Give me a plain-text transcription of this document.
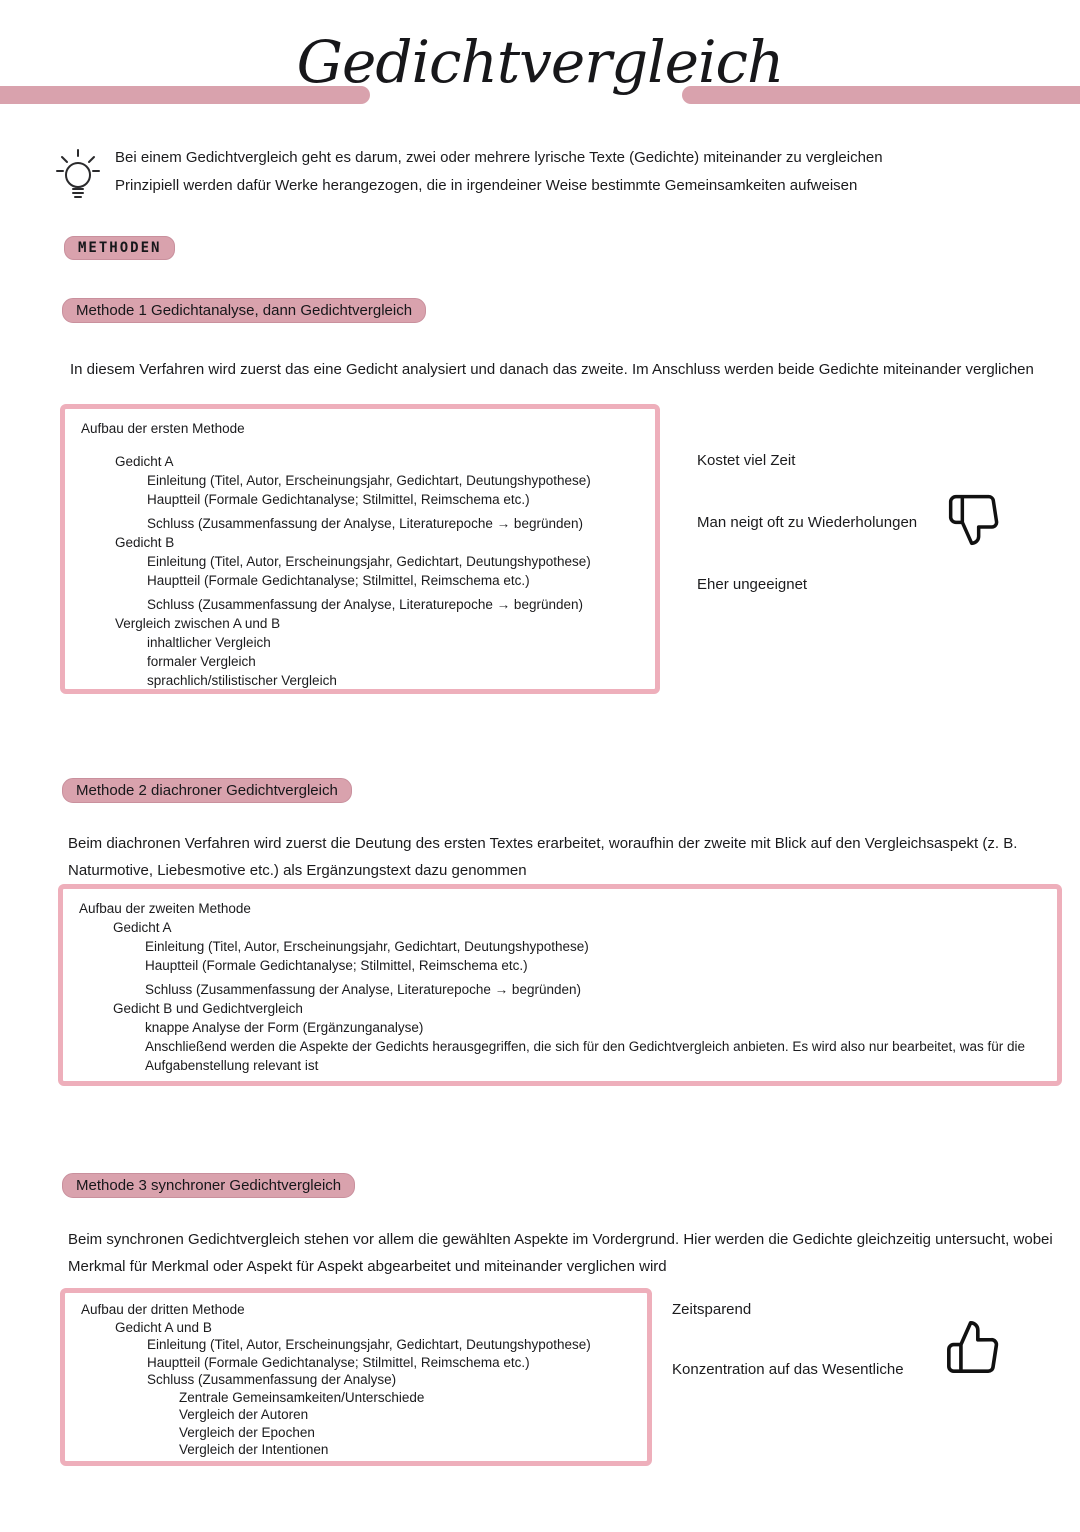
Gedichtvergleich

Bei einem Gedichtvergleich geht es darum, zwei oder mehrere lyrische Texte (Gedichte) miteinander zu vergleichen

Prinzipiell werden dafür Werke herangezogen, die in irgendeiner Weise bestimmte Gemeinsamkeiten aufweisen

METHODEN
Methode 1 Gedichtanalyse, dann Gedichtvergleich

In diesem Verfahren wird zuerst das eine Gedicht analysiert und danach das zweite. Im Anschluss werden beide Gedichte miteinander verglichen

Aufbau der ersten Methode
Gedicht A
Einleitung (Titel, Autor, Erscheinungsjahr, Gedichtart, Deutungshypothese)
Hauptteil (Formale Gedichtanalyse; Stilmittel, Reimschema etc.)
Schluss (Zusammenfassung der Analyse, Literaturepoche → begründen)
Gedicht B
Einleitung (Titel, Autor, Erscheinungsjahr, Gedichtart, Deutungshypothese)
Hauptteil (Formale Gedichtanalyse; Stilmittel, Reimschema etc.)
Schluss (Zusammenfassung der Analyse, Literaturepoche → begründen)
Vergleich zwischen A und B
inhaltlicher Vergleich
formaler Vergleich
sprachlich/stilistischer Vergleich
Kostet viel Zeit
Man neigt oft zu Wiederholungen
Eher ungeeignet
Methode 2 diachroner Gedichtvergleich

Beim diachronen Verfahren wird zuerst die Deutung des ersten Textes erarbeitet, woraufhin der zweite mit Blick auf den Vergleichsaspekt (z. B. Naturmotive, Liebesmotive etc.) als Ergänzungstext dazu genommen

Aufbau der zweiten Methode
Gedicht A
Einleitung (Titel, Autor, Erscheinungsjahr, Gedichtart, Deutungshypothese)
Hauptteil (Formale Gedichtanalyse; Stilmittel, Reimschema etc.)
Schluss (Zusammenfassung der Analyse, Literaturepoche → begründen)
Gedicht B und Gedichtvergleich
knappe Analyse der Form (Ergänzunganalyse)
Anschließend werden die Aspekte der Gedichts herausgegriffen, die sich für den Gedichtvergleich anbieten. Es wird also nur bearbeitet, was für die Aufgabenstellung relevant ist
Methode 3 synchroner Gedichtvergleich

Beim synchronen Gedichtvergleich stehen vor allem die gewählten Aspekte im Vordergrund. Hier werden die Gedichte gleichzeitig untersucht, wobei Merkmal für Merkmal oder Aspekt für Aspekt abgearbeitet und miteinander verglichen wird

Aufbau der dritten Methode
Gedicht A und B
Einleitung (Titel, Autor, Erscheinungsjahr, Gedichtart, Deutungshypothese)
Hauptteil (Formale Gedichtanalyse; Stilmittel, Reimschema etc.)
Schluss (Zusammenfassung der Analyse)
Zentrale Gemeinsamkeiten/Unterschiede
Vergleich der Autoren
Vergleich der Epochen
Vergleich der Intentionen
Zeitsparend
Konzentration auf das Wesentliche
